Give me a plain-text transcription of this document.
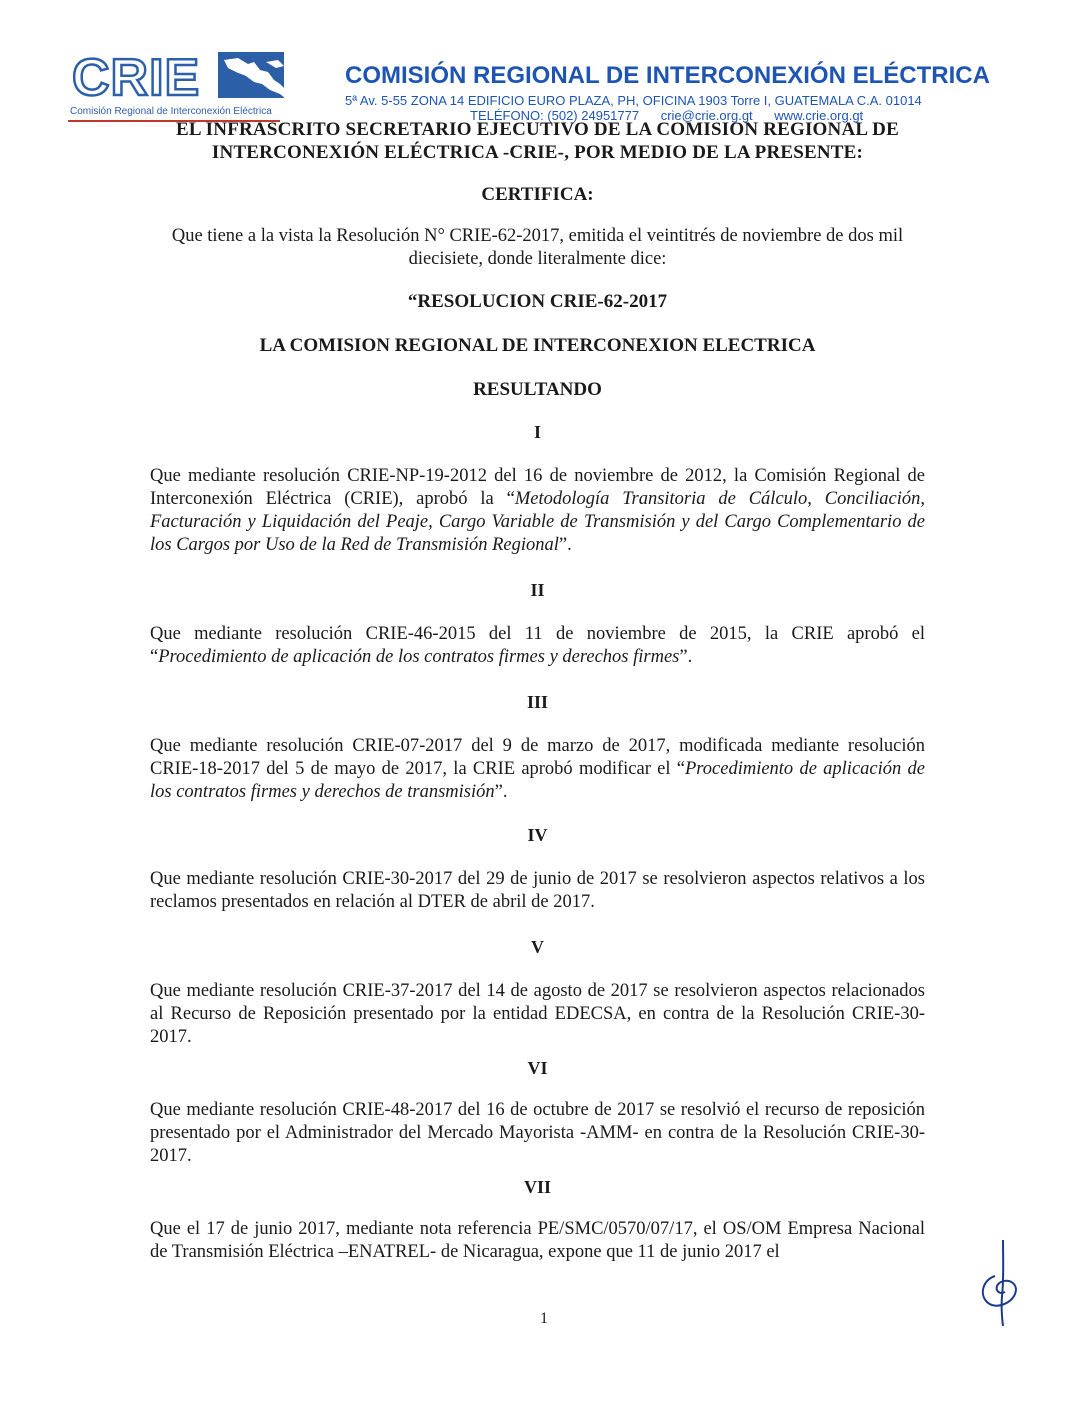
CRIE
Comisión Regional de Interconexión Eléctrica
COMISIÓN REGIONAL DE INTERCONEXIÓN ELÉCTRICA
5ª Av. 5-55 ZONA 14 EDIFICIO EURO PLAZA, PH, OFICINA 1903 Torre I, GUATEMALA C.A. 01014
TELÉFONO: (502) 24951777 crie@crie.org.gt www.crie.org.gt

EL INFRASCRITO SECRETARIO EJECUTIVO DE LA COMISION REGIONAL DE

INTERCONEXIÓN ELÉCTRICA -CRIE-, POR MEDIO DE LA PRESENTE:

CERTIFICA:

Que tiene a la vista la Resolución N° CRIE-62-2017, emitida el veintitrés de noviembre de dos mil

diecisiete, donde literalmente dice:

“RESOLUCION CRIE-62-2017

LA COMISION REGIONAL DE INTERCONEXION ELECTRICA

RESULTANDO

I

Que mediante resolución CRIE-NP-19-2012 del 16 de noviembre de 2012, la Comisión Regional de Interconexión Eléctrica (CRIE), aprobó la “Metodología Transitoria de Cálculo, Conciliación, Facturación y Liquidación del Peaje, Cargo Variable de Transmisión y del Cargo Complementario de los Cargos por Uso de la Red de Transmisión Regional”.

II

Que mediante resolución CRIE-46-2015 del 11 de noviembre de 2015, la CRIE aprobó el “Procedimiento de aplicación de los contratos firmes y derechos firmes”.

III

Que mediante resolución CRIE-07-2017 del 9 de marzo de 2017, modificada mediante resolución CRIE-18-2017 del 5 de mayo de 2017, la CRIE aprobó modificar el “Procedimiento de aplicación de los contratos firmes y derechos de transmisión”.

IV

Que mediante resolución CRIE-30-2017 del 29 de junio de 2017 se resolvieron aspectos relativos a los reclamos presentados en relación al DTER de abril de 2017.

V

Que mediante resolución CRIE-37-2017 del 14 de agosto de 2017 se resolvieron aspectos relacionados al Recurso de Reposición presentado por la entidad EDECSA, en contra de la Resolución CRIE-30-2017.

VI

Que mediante resolución CRIE-48-2017 del 16 de octubre de 2017 se resolvió el recurso de reposición presentado por el Administrador del Mercado Mayorista -AMM- en contra de la Resolución CRIE-30-2017.

VII

Que el 17 de junio 2017, mediante nota referencia PE/SMC/0570/07/17, el OS/OM Empresa Nacional de Transmisión Eléctrica –ENATREL- de Nicaragua, expone que 11 de junio 2017 el

1
